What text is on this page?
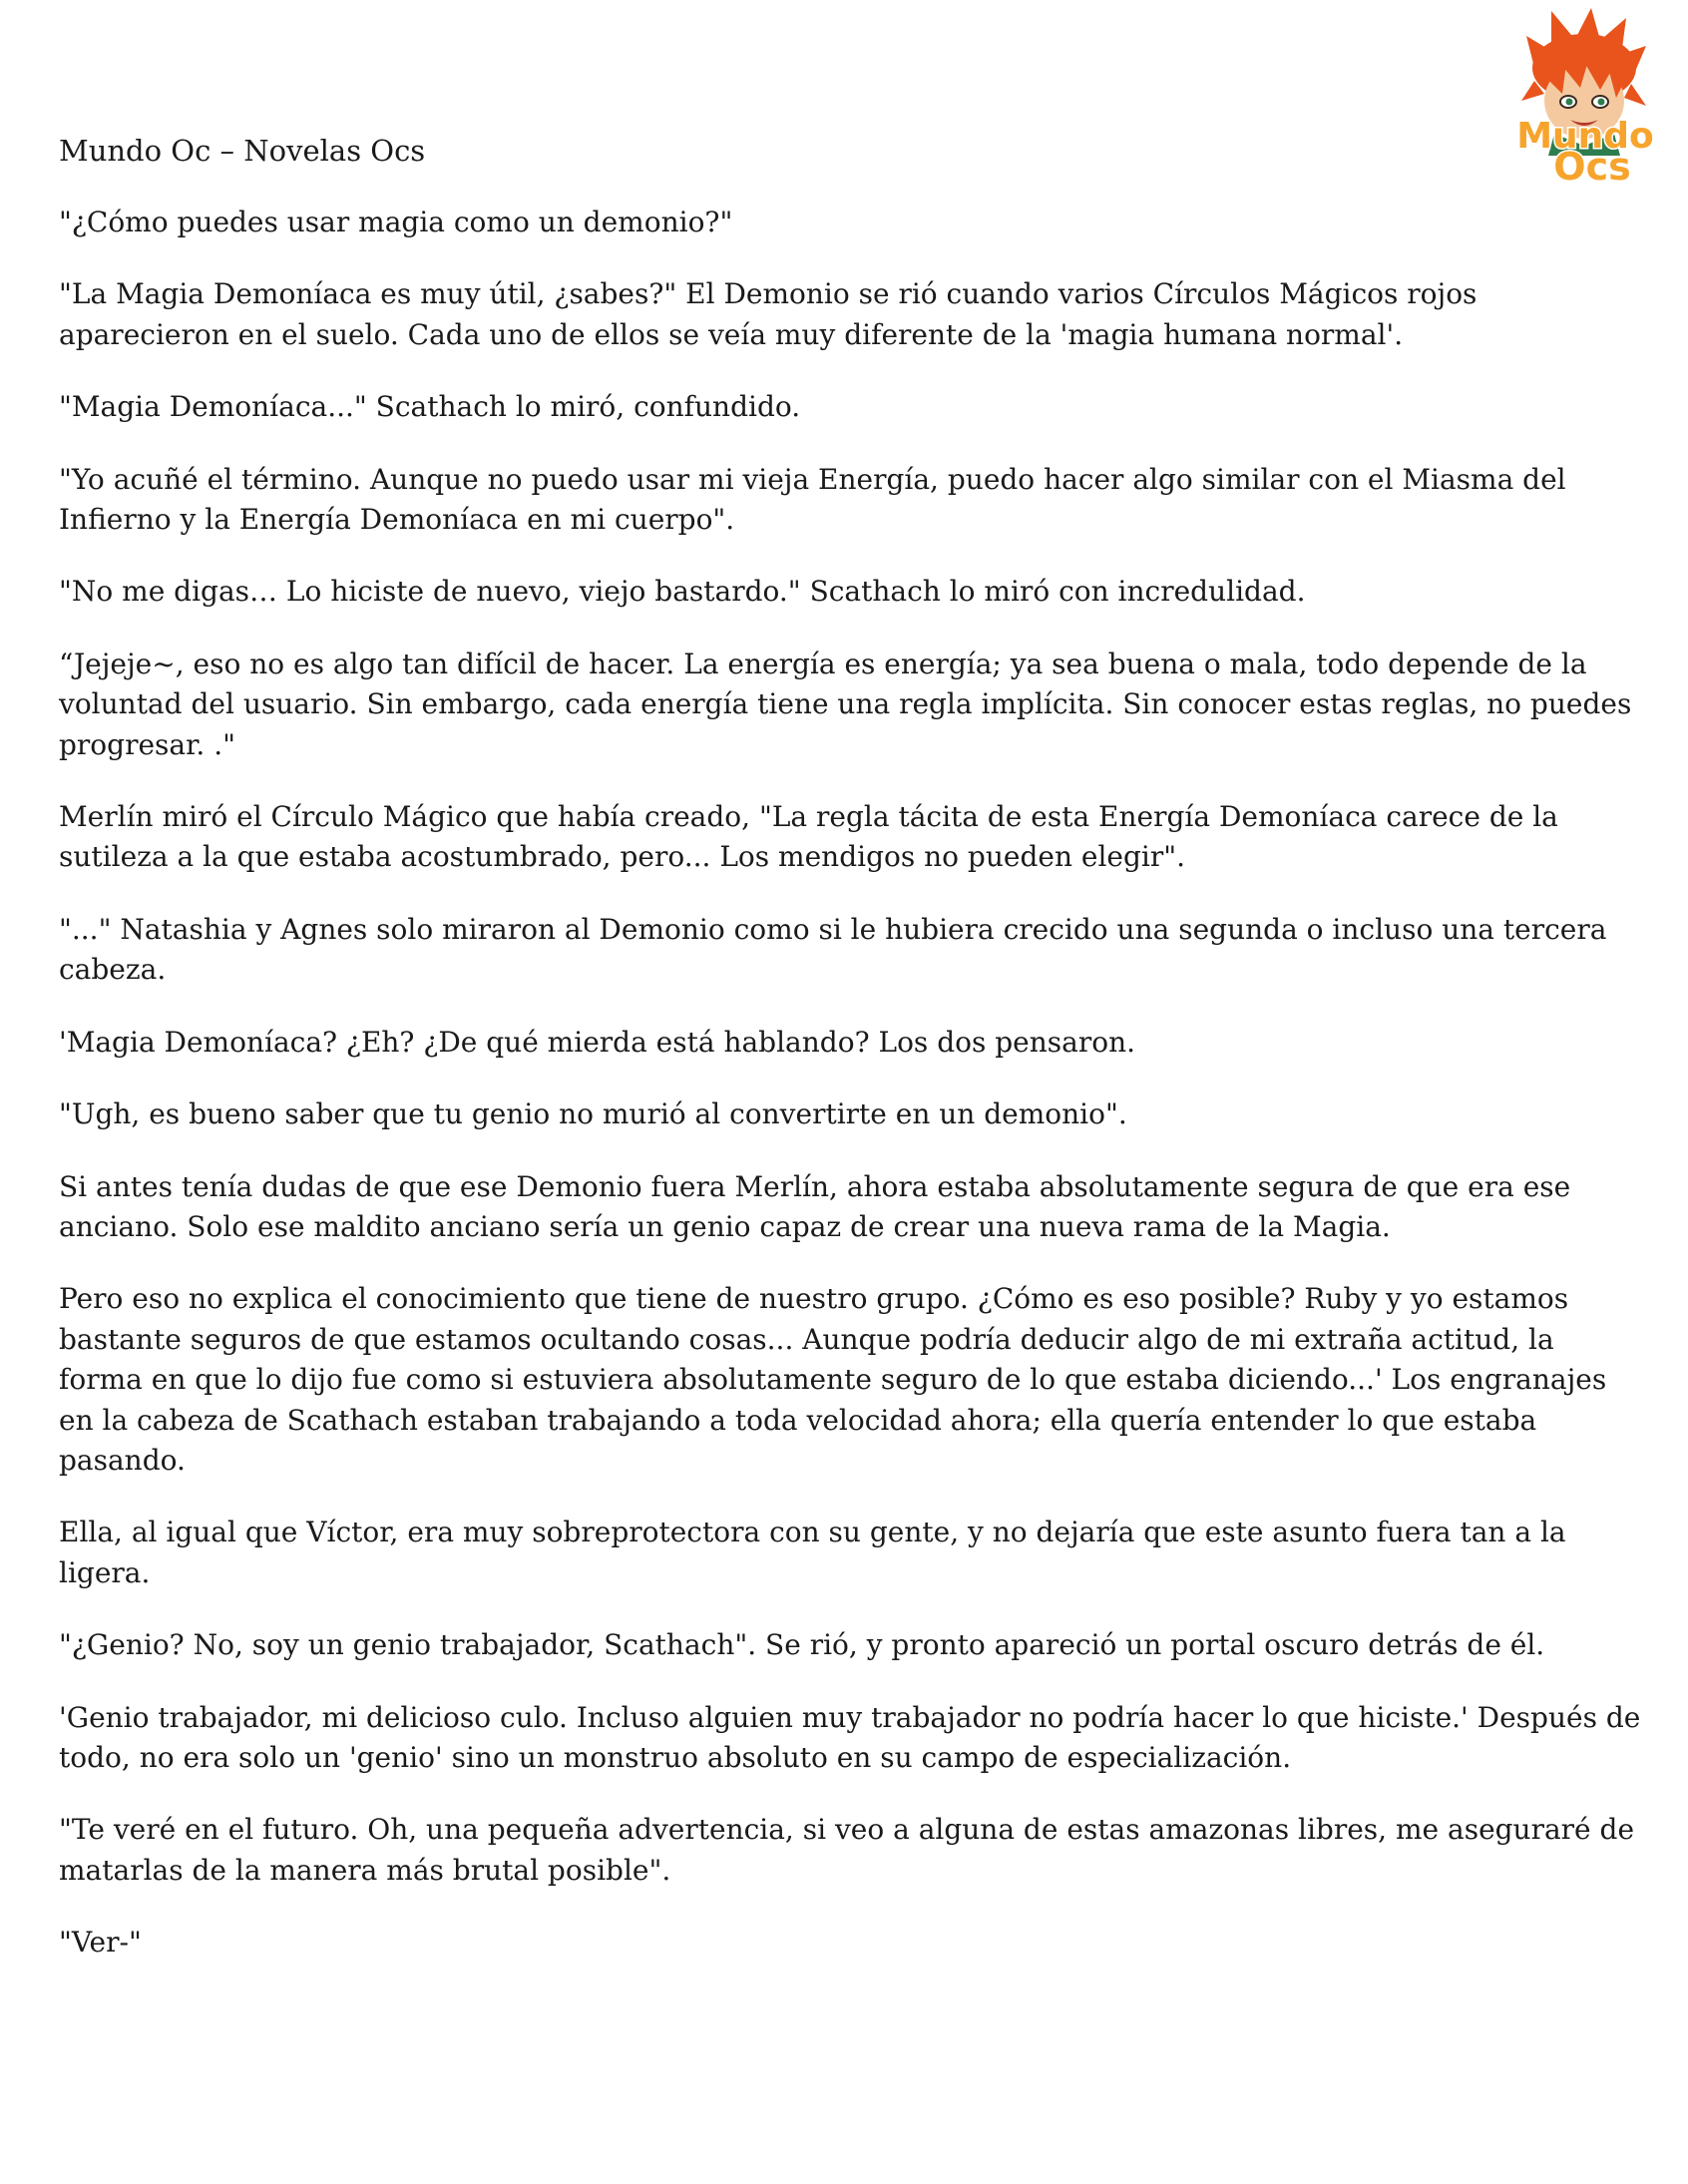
Mundo Oc – Novelas Ocs	Mundo
Ocs

"¿Cómo puedes usar magia como un demonio?"

"La Magia Demoníaca es muy útil, ¿sabes?" El Demonio se rió cuando varios Círculos Mágicos rojos aparecieron en el suelo. Cada uno de ellos se veía muy diferente de la 'magia humana normal'.

"Magia Demoníaca..." Scathach lo miró, confundido.

"Yo acuñé el término. Aunque no puedo usar mi vieja Energía, puedo hacer algo similar con el Miasma del Infierno y la Energía Demoníaca en mi cuerpo".

"No me digas… Lo hiciste de nuevo, viejo bastardo." Scathach lo miró con incredulidad.

“Jejeje~, eso no es algo tan difícil de hacer. La energía es energía; ya sea buena o mala, todo depende de la voluntad del usuario. Sin embargo, cada energía tiene una regla implícita. Sin conocer estas reglas, no puedes progresar. ."

Merlín miró el Círculo Mágico que había creado, "La regla tácita de esta Energía Demoníaca carece de la sutileza a la que estaba acostumbrado, pero... Los mendigos no pueden elegir".

"..." Natashia y Agnes solo miraron al Demonio como si le hubiera crecido una segunda o incluso una tercera cabeza.

'Magia Demoníaca? ¿Eh? ¿De qué mierda está hablando? Los dos pensaron.

"Ugh, es bueno saber que tu genio no murió al convertirte en un demonio".

Si antes tenía dudas de que ese Demonio fuera Merlín, ahora estaba absolutamente segura de que era ese anciano. Solo ese maldito anciano sería un genio capaz de crear una nueva rama de la Magia.

Pero eso no explica el conocimiento que tiene de nuestro grupo. ¿Cómo es eso posible? Ruby y yo estamos bastante seguros de que estamos ocultando cosas... Aunque podría deducir algo de mi extraña actitud, la forma en que lo dijo fue como si estuviera absolutamente seguro de lo que estaba diciendo...' Los engranajes en la cabeza de Scathach estaban trabajando a toda velocidad ahora; ella quería entender lo que estaba pasando.

Ella, al igual que Víctor, era muy sobreprotectora con su gente, y no dejaría que este asunto fuera tan a la ligera.

"¿Genio? No, soy un genio trabajador, Scathach". Se rió, y pronto apareció un portal oscuro detrás de él.

'Genio trabajador, mi delicioso culo. Incluso alguien muy trabajador no podría hacer lo que hiciste.' Después de todo, no era solo un 'genio' sino un monstruo absoluto en su campo de especialización.

"Te veré en el futuro. Oh, una pequeña advertencia, si veo a alguna de estas amazonas libres, me aseguraré de matarlas de la manera más brutal posible".

"Ver-"
